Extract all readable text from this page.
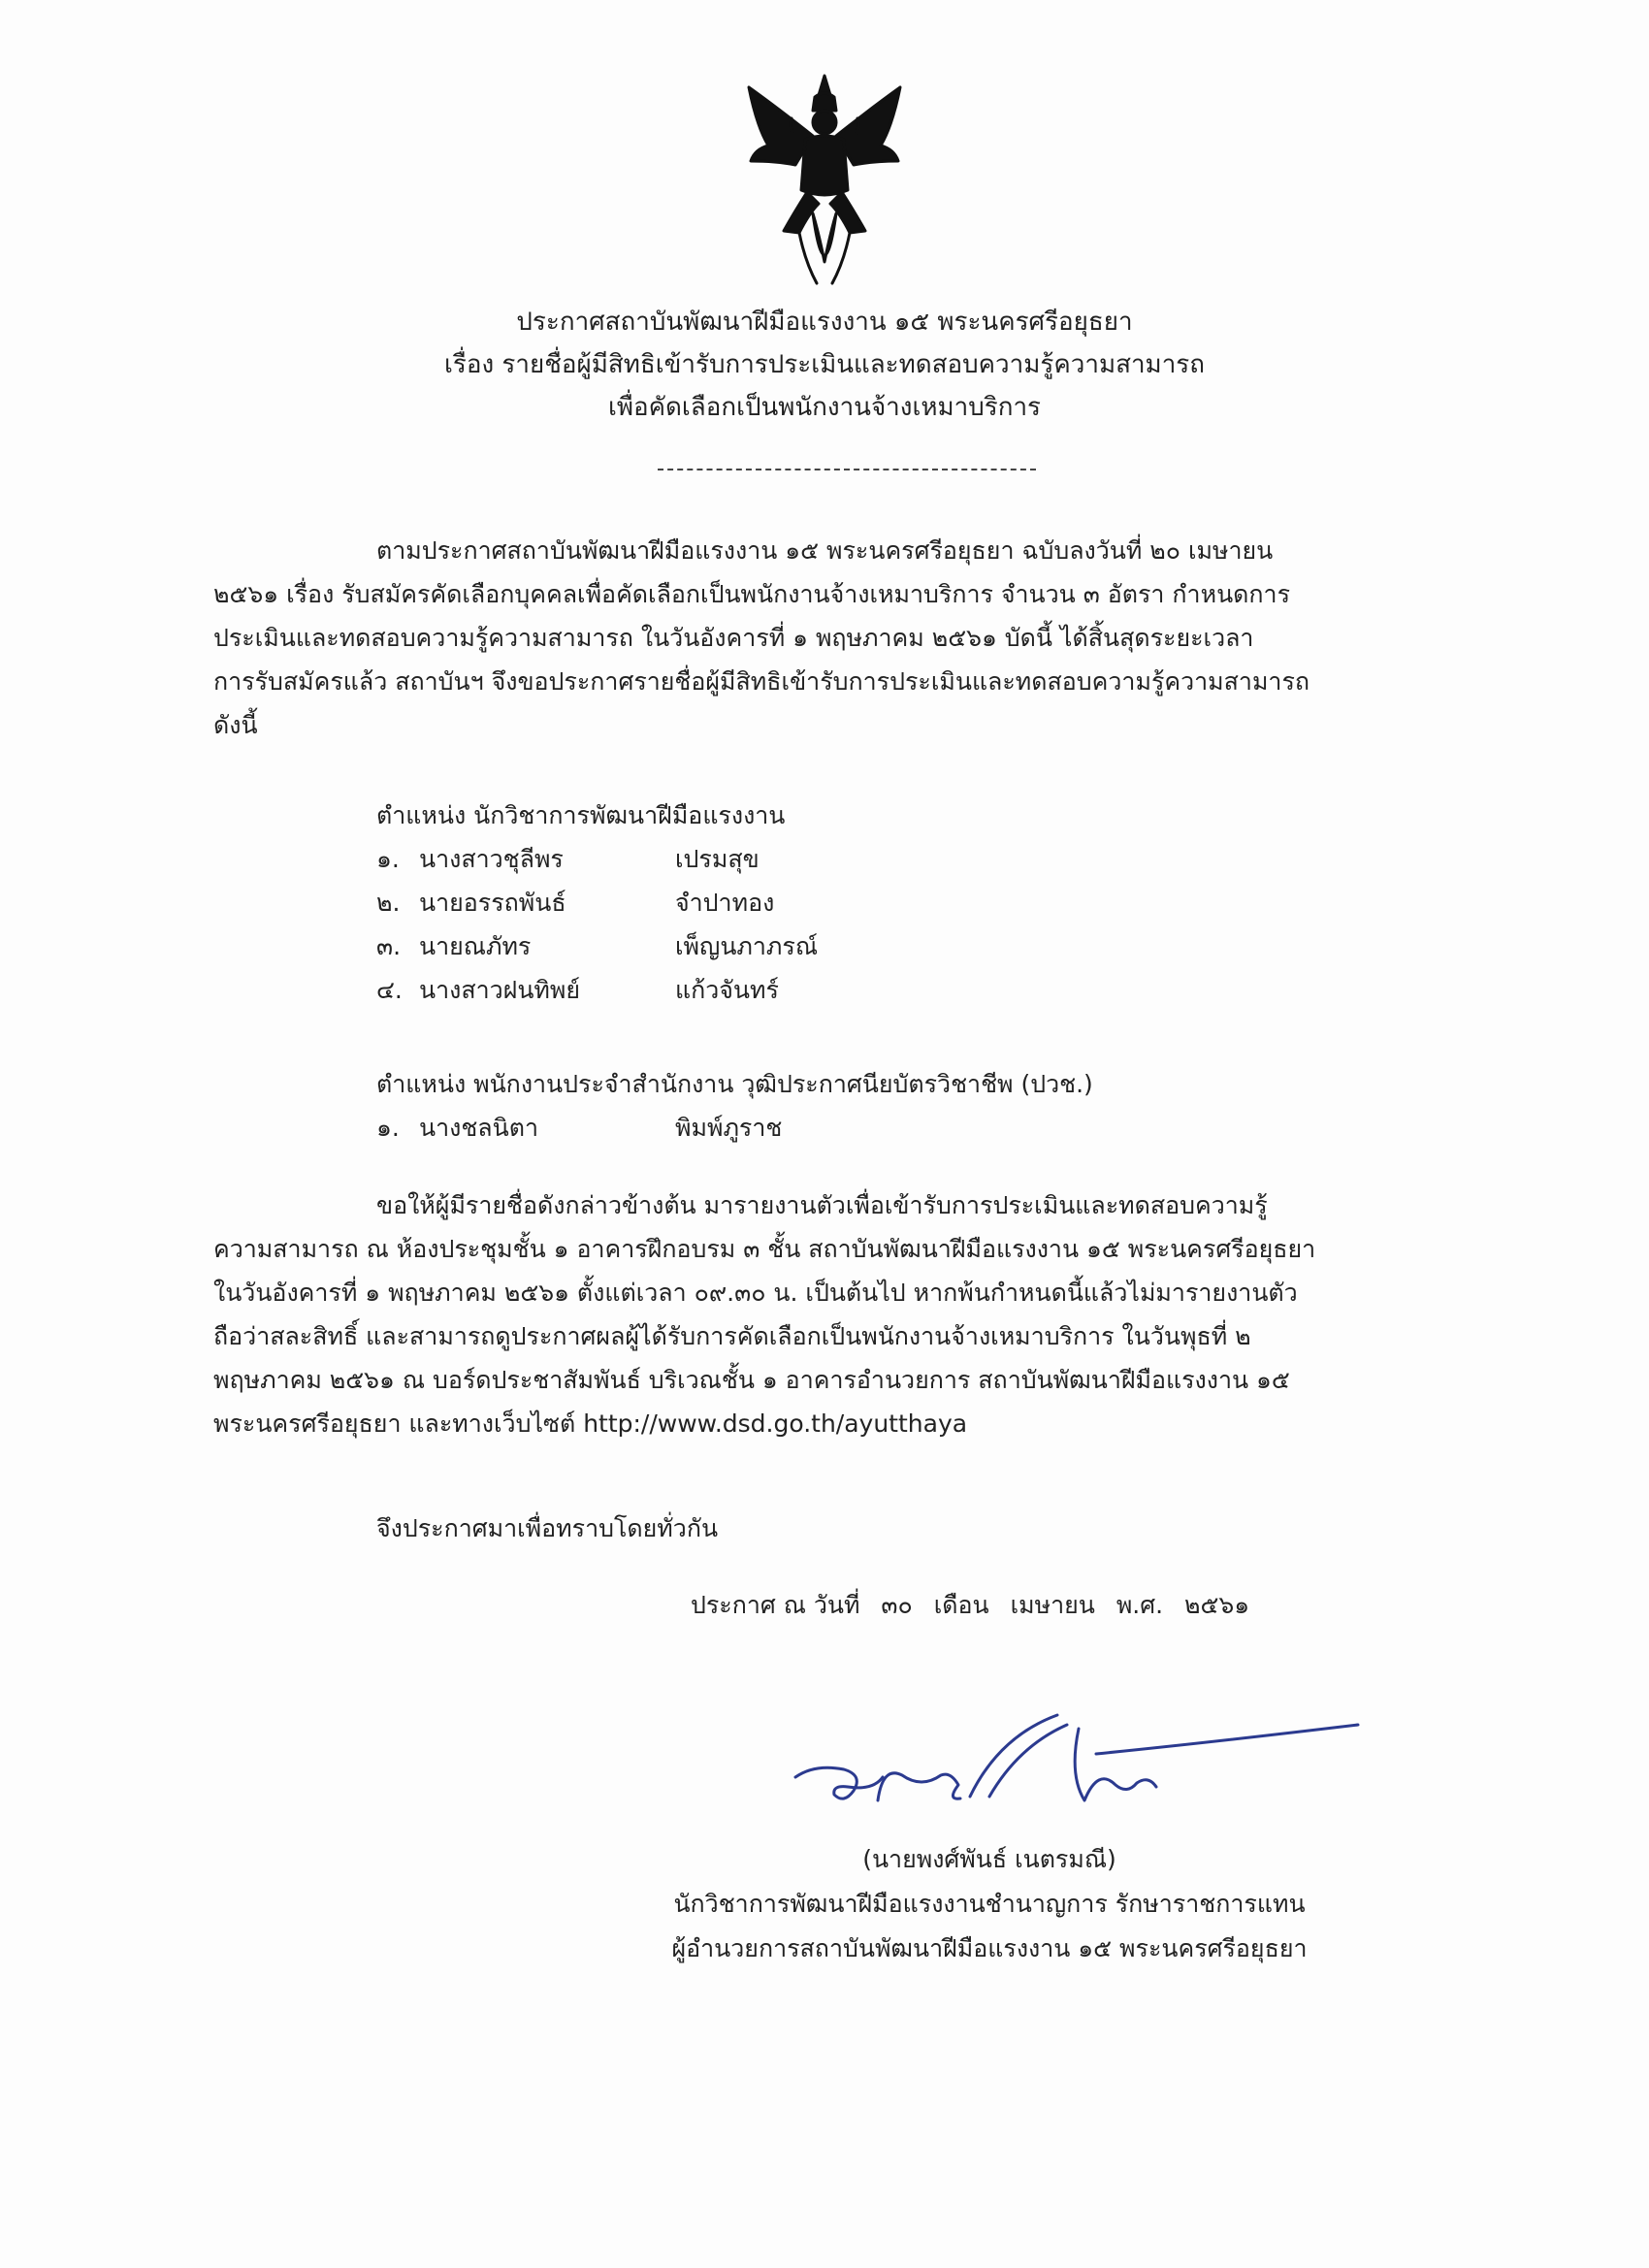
ประกาศสถาบันพัฒนาฝีมือแรงงาน ๑๕ พระนครศรีอยุธยา
เรื่อง รายชื่อผู้มีสิทธิเข้ารับการประเมินและทดสอบความรู้ความสามารถ
เพื่อคัดเลือกเป็นพนักงานจ้างเหมาบริการ
ตามประกาศสถาบันพัฒนาฝีมือแรงงาน ๑๕ พระนครศรีอยุธยา ฉบับลงวันที่ ๒๐ เมษายน
๒๕๖๑ เรื่อง รับสมัครคัดเลือกบุคคลเพื่อคัดเลือกเป็นพนักงานจ้างเหมาบริการ จำนวน ๓ อัตรา กำหนดการ
ประเมินและทดสอบความรู้ความสามารถ ในวันอังคารที่ ๑ พฤษภาคม ๒๕๖๑ บัดนี้ ได้สิ้นสุดระยะเวลา
การรับสมัครแล้ว สถาบันฯ จึงขอประกาศรายชื่อผู้มีสิทธิเข้ารับการประเมินและทดสอบความรู้ความสามารถ
ดังนี้
ตำแหน่ง นักวิชาการพัฒนาฝีมือแรงงาน
๑. นางสาวชุลีพร	เปรมสุข
๒. นายอรรถพันธ์	จำปาทอง
๓. นายณภัทร	เพ็ญนภาภรณ์
๔. นางสาวฝนทิพย์	แก้วจันทร์
ตำแหน่ง พนักงานประจำสำนักงาน วุฒิประกาศนียบัตรวิชาชีพ (ปวช.)
๑. นางชลนิตา	พิมพ์ภูราช
ขอให้ผู้มีรายชื่อดังกล่าวข้างต้น มารายงานตัวเพื่อเข้ารับการประเมินและทดสอบความรู้
ความสามารถ ณ ห้องประชุมชั้น ๑ อาคารฝึกอบรม ๓ ชั้น สถาบันพัฒนาฝีมือแรงงาน ๑๕ พระนครศรีอยุธยา
ในวันอังคารที่ ๑ พฤษภาคม ๒๕๖๑ ตั้งแต่เวลา ๐๙.๓๐ น. เป็นต้นไป หากพ้นกำหนดนี้แล้วไม่มารายงานตัว
ถือว่าสละสิทธิ์ และสามารถดูประกาศผลผู้ได้รับการคัดเลือกเป็นพนักงานจ้างเหมาบริการ ในวันพุธที่ ๒
พฤษภาคม ๒๕๖๑ ณ บอร์ดประชาสัมพันธ์ บริเวณชั้น ๑ อาคารอำนวยการ สถาบันพัฒนาฝีมือแรงงาน ๑๕
พระนครศรีอยุธยา และทางเว็บไซต์ http://www.dsd.go.th/ayutthaya
จึงประกาศมาเพื่อทราบโดยทั่วกัน
ประกาศ ณ วันที่ ๓๐ เดือน เมษายน พ.ศ. ๒๕๖๑
(นายพงศ์พันธ์ เนตรมณี)
นักวิชาการพัฒนาฝีมือแรงงานชำนาญการ รักษาราชการแทน
ผู้อำนวยการสถาบันพัฒนาฝีมือแรงงาน ๑๕ พระนครศรีอยุธยา
